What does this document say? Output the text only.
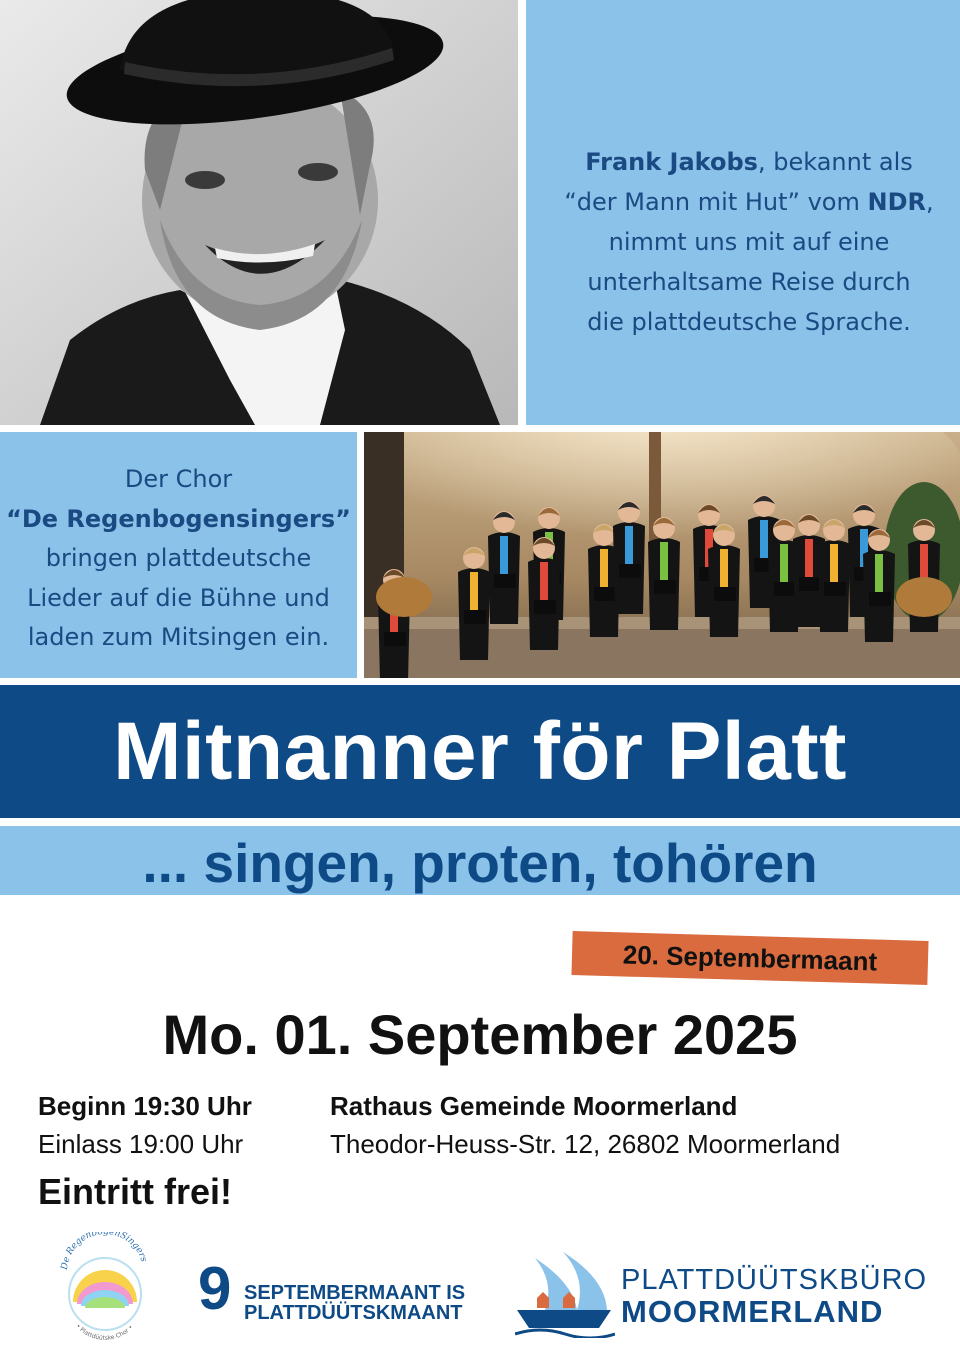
Frank Jakobs, bekannt als
“der Mann mit Hut” vom NDR,
nimmt uns mit auf eine
unterhaltsame Reise durch
die plattdeutsche Sprache.
Der Chor
“De Regenbogensingers”
bringen plattdeutsche
Lieder auf die Bühne und
laden zum Mitsingen ein.
Mitnanner för Platt
... singen, proten, tohören
20. Septembermaant
Mo. 01. September 2025
Beginn 19:30 Uhr
Einlass 19:00 Uhr
Eintritt frei!
Rathaus Gemeinde Moormerland
Theodor-Heuss-Str. 12, 26802 Moormerland
De RegenbogenSingers
• Plattdüütske Chor •
9 SEPTEMBERMAANT IS
PLATTDÜÜTSKMAANT
PLATTDÜÜTSKBÜRO
MOORMERLAND
